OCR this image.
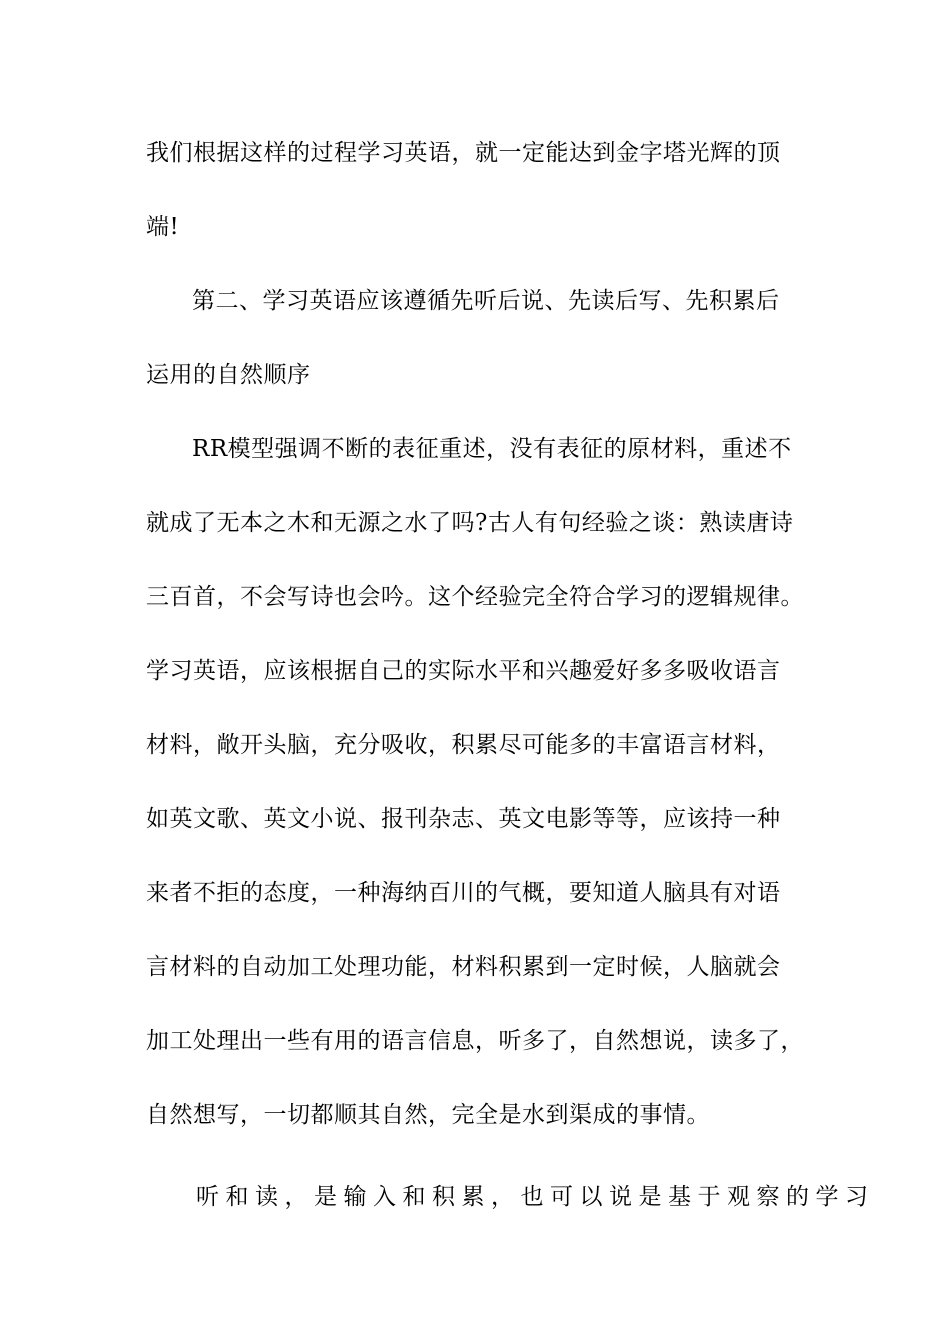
我们根据这样的过程学习英语，就一定能达到金字塔光辉的顶
端!
第二、学习英语应该遵循先听后说、先读后写、先积累后
运用的自然顺序
RR模型强调不断的表征重述，没有表征的原材料，重述不
就成了无本之木和无源之水了吗?古人有句经验之谈：熟读唐诗
三百首，不会写诗也会吟。这个经验完全符合学习的逻辑规律。
学习英语，应该根据自己的实际水平和兴趣爱好多多吸收语言
材料，敞开头脑，充分吸收，积累尽可能多的丰富语言材料，
如英文歌、英文小说、报刊杂志、英文电影等等，应该持一种
来者不拒的态度，一种海纳百川的气概，要知道人脑具有对语
言材料的自动加工处理功能，材料积累到一定时候，人脑就会
加工处理出一些有用的语言信息，听多了，自然想说，读多了，
自然想写，一切都顺其自然，完全是水到渠成的事情。
听和读，是输入和积累，也可以说是基于观察的学习
